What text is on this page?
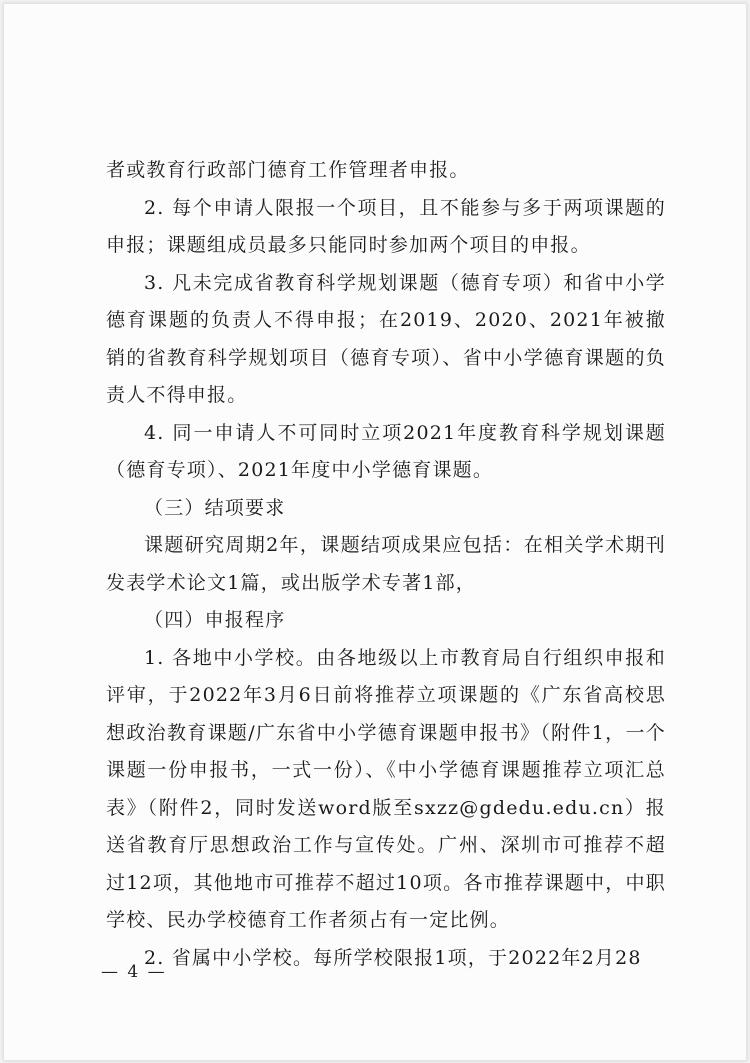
者或教育行政部门德育工作管理者申报。

2. 每个申请人限报一个项目，且不能参与多于两项课题的申报；课题组成员最多只能同时参加两个项目的申报。

3. 凡未完成省教育科学规划课题（德育专项）和省中小学德育课题的负责人不得申报；在2019、2020、2021年被撤销的省教育科学规划项目（德育专项）、省中小学德育课题的负责人不得申报。

4. 同一申请人不可同时立项2021年度教育科学规划课题（德育专项）、2021年度中小学德育课题。

（三）结项要求

课题研究周期2年，课题结项成果应包括：在相关学术期刊发表学术论文1篇，或出版学术专著1部，

（四）申报程序

1. 各地中小学校。由各地级以上市教育局自行组织申报和评审，于2022年3月6日前将推荐立项课题的《广东省高校思想政治教育课题/广东省中小学德育课题申报书》（附件1，一个课题一份申报书，一式一份）、《中小学德育课题推荐立项汇总表》（附件2，同时发送word版至sxzz@gdedu.edu.cn）报送省教育厅思想政治工作与宣传处。广州、深圳市可推荐不超过12项，其他地市可推荐不超过10项。各市推荐课题中，中职学校、民办学校德育工作者须占有一定比例。

2. 省属中小学校。每所学校限报1项，于2022年2月28

— 4 —
